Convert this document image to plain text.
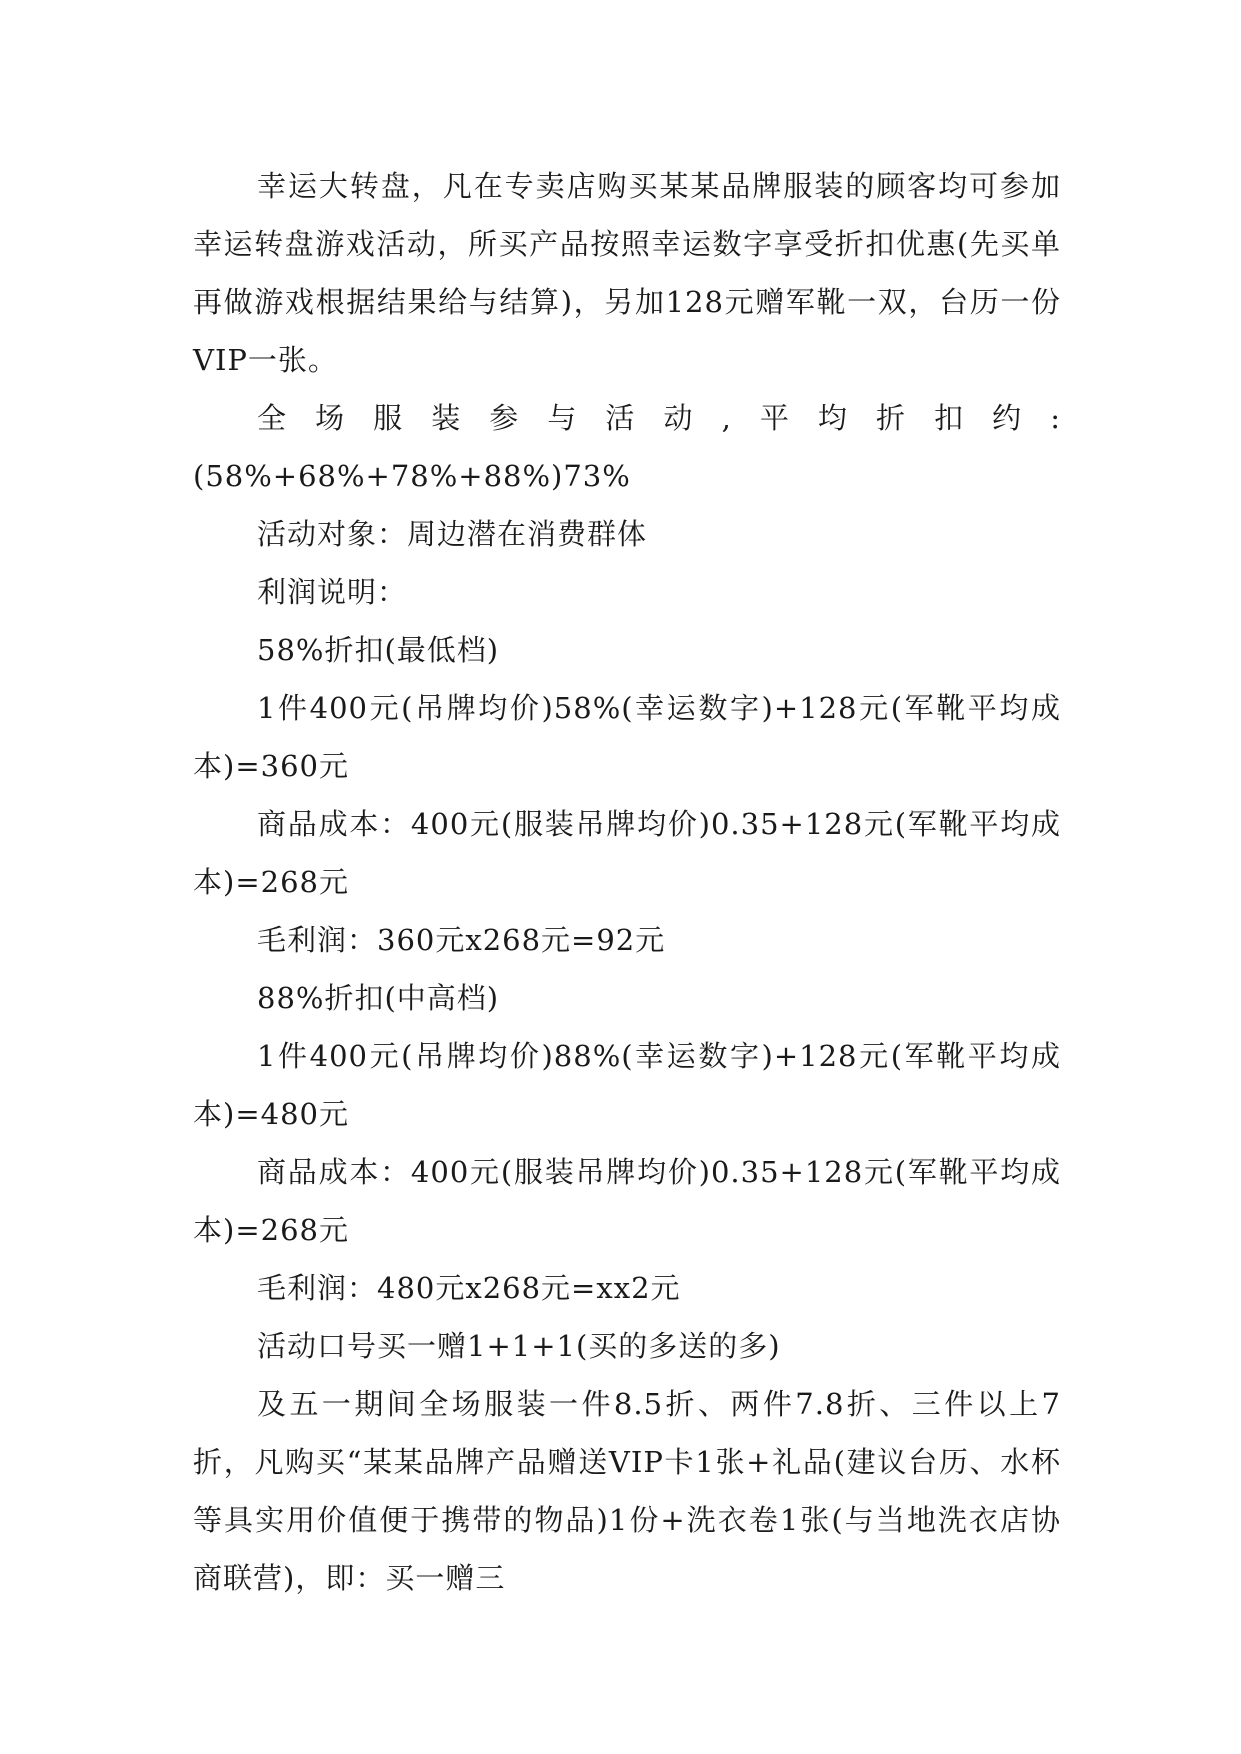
幸运大转盘，凡在专卖店购买某某品牌服装的顾客均可参加幸运转盘游戏活动，所买产品按照幸运数字享受折扣优惠(先买单再做游戏根据结果给与结算)，另加128元赠军靴一双，台历一份VIP一张。

全场服装参与活动,平均折扣约:(58%+68%+78%+88%)73%

活动对象：周边潜在消费群体

利润说明：

58%折扣(最低档)

1件400元(吊牌均价)58%(幸运数字)+128元(军靴平均成本)=360元

商品成本：400元(服装吊牌均价)0.35+128元(军靴平均成本)=268元

毛利润：360元x268元=92元

88%折扣(中高档)

1件400元(吊牌均价)88%(幸运数字)+128元(军靴平均成本)=480元

商品成本：400元(服装吊牌均价)0.35+128元(军靴平均成本)=268元

毛利润：480元x268元=xx2元

活动口号买一赠1+1+1(买的多送的多)

及五一期间全场服装一件8.5折、两件7.8折、三件以上7折，凡购买“某某品牌产品赠送VIP卡1张+礼品(建议台历、水杯等具实用价值便于携带的物品)1份+洗衣卷1张(与当地洗衣店协商联营)，即：买一赠三
